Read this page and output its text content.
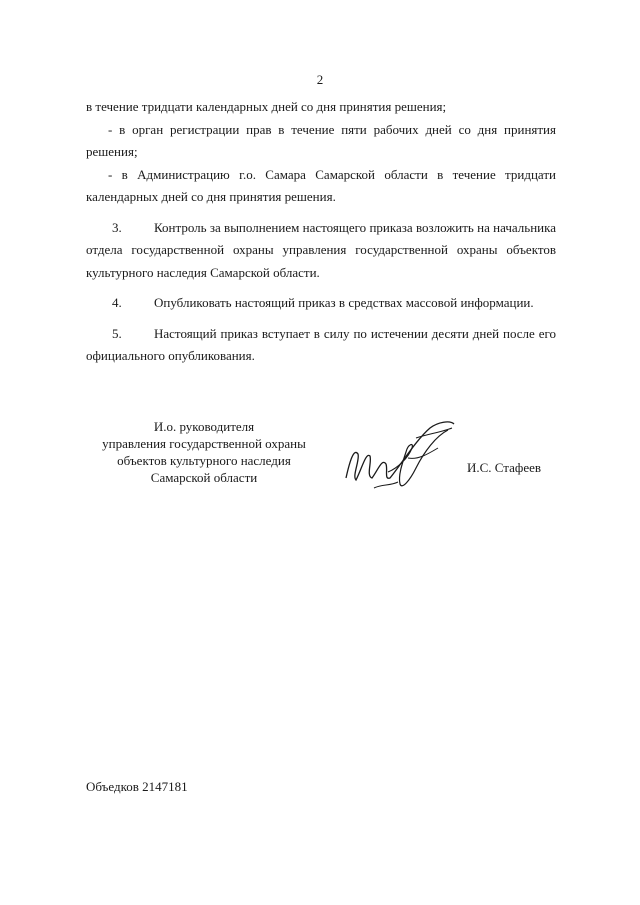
2

в течение тридцати календарных дней со дня принятия решения;

- в орган регистрации прав в течение пяти рабочих дней со дня принятия решения;

- в Администрацию г.о. Самара Самарской области в течение тридцати календарных дней со дня принятия решения.

3. Контроль за выполнением настоящего приказа возложить на начальника отдела государственной охраны управления государственной охраны объектов культурного наследия Самарской области.

4. Опубликовать настоящий приказ в средствах массовой информации.

5. Настоящий приказ вступает в силу по истечении десяти дней после его официального опубликования.

И.о. руководителя
управления государственной охраны
объектов культурного наследия
Самарской области
И.С. Стафеев
Объедков 2147181
